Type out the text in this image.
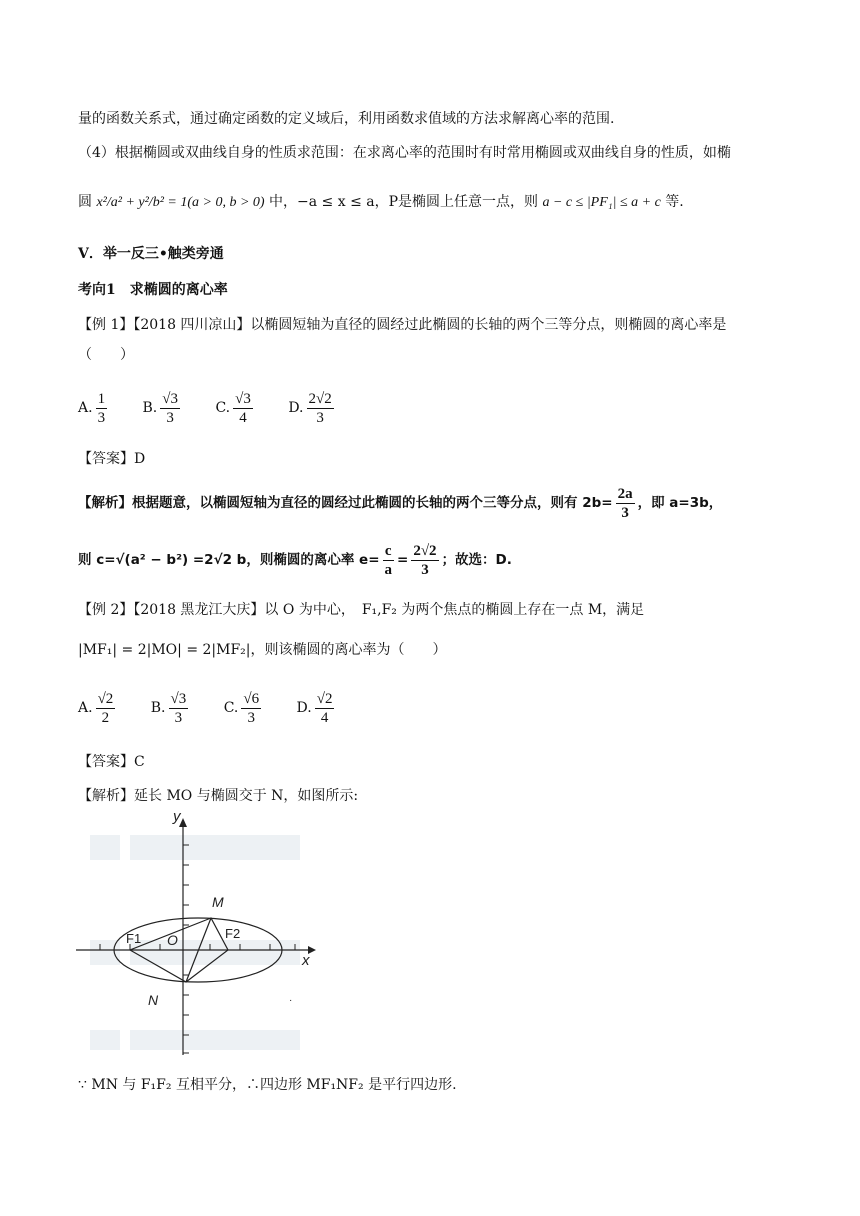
量的函数关系式，通过确定函数的定义域后，利用函数求值域的方法求解离心率的范围.
（4）根据椭圆或双曲线自身的性质求范围：在求离心率的范围时有时常用椭圆或双曲线自身的性质，如椭
圆 x²/a² + y²/b² = 1(a > 0, b > 0) 中，−a ≤ x ≤ a，P是椭圆上任意一点，则 a − c ≤ |PF₁| ≤ a + c 等.
V．举一反三•触类旁通
考向1　求椭圆的离心率
【例 1】【2018 四川凉山】以椭圆短轴为直径的圆经过此椭圆的长轴的两个三等分点，则椭圆的离心率是
（　　）
A. $\frac{1}{3}$	B. $\frac{√3}{3}$	C. $\frac{√3}{4}$	D. $\frac{2√2}{3}$
【答案】D
【解析】根据题意，以椭圆短轴为直径的圆经过此椭圆的长轴的两个三等分点，则有 $2b= \frac{2a}{3}$ ，即 a=3b，
则 c=√(a² − b²) =2√2 b，则椭圆的离心率 $e= \frac{c}{a} = \frac{2√2}{3}$ ；故选：D.
【例 2】【2018 黑龙江大庆】以 O 为中心，　F₁,F₂ 为两个焦点的椭圆上存在一点 M，满足
|MF₁| = 2|MO| = 2|MF₂|，则该椭圆的离心率为（　　）
A. $\frac{√2}{2}$	B. $\frac{√3}{3}$	C. $\frac{√6}{3}$	D. $\frac{√2}{4}$
【答案】C
【解析】延长 MO 与椭圆交于 N，如图所示:
y
x
M
N
O
F1	F2
·
∵ MN 与 F₁F₂ 互相平分，∴四边形 MF₁NF₂ 是平行四边形.
